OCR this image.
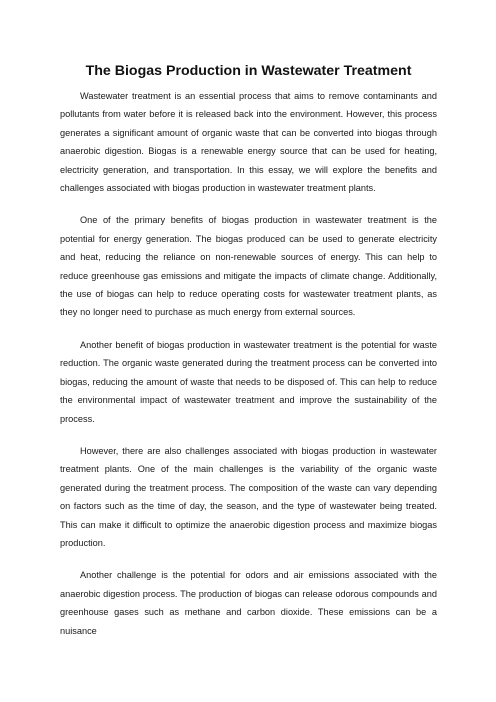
The Biogas Production in Wastewater Treatment

Wastewater treatment is an essential process that aims to remove contaminants and pollutants from water before it is released back into the environment. However, this process generates a significant amount of organic waste that can be converted into biogas through anaerobic digestion. Biogas is a renewable energy source that can be used for heating, electricity generation, and transportation. In this essay, we will explore the benefits and challenges associated with biogas production in wastewater treatment plants.

One of the primary benefits of biogas production in wastewater treatment is the potential for energy generation. The biogas produced can be used to generate electricity and heat, reducing the reliance on non-renewable sources of energy. This can help to reduce greenhouse gas emissions and mitigate the impacts of climate change. Additionally, the use of biogas can help to reduce operating costs for wastewater treatment plants, as they no longer need to purchase as much energy from external sources.

Another benefit of biogas production in wastewater treatment is the potential for waste reduction. The organic waste generated during the treatment process can be converted into biogas, reducing the amount of waste that needs to be disposed of. This can help to reduce the environmental impact of wastewater treatment and improve the sustainability of the process.

However, there are also challenges associated with biogas production in wastewater treatment plants. One of the main challenges is the variability of the organic waste generated during the treatment process. The composition of the waste can vary depending on factors such as the time of day, the season, and the type of wastewater being treated. This can make it difficult to optimize the anaerobic digestion process and maximize biogas production.

Another challenge is the potential for odors and air emissions associated with the anaerobic digestion process. The production of biogas can release odorous compounds and greenhouse gases such as methane and carbon dioxide. These emissions can be a nuisance
